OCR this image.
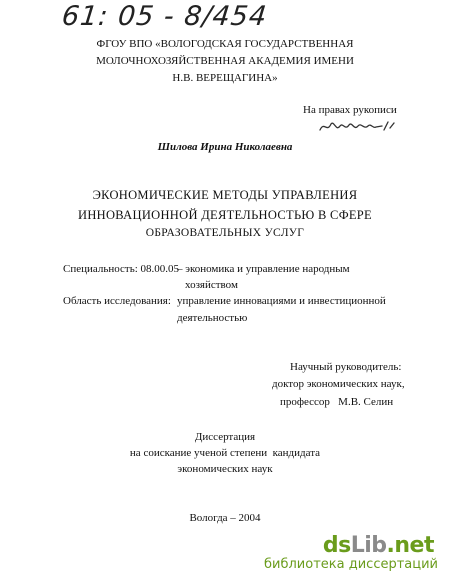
61: 05 - 8/454
ФГОУ ВПО «ВОЛОГОДСКАЯ ГОСУДАРСТВЕННАЯ
МОЛОЧНОХОЗЯЙСТВЕННАЯ АКАДЕМИЯ ИМЕНИ
Н.В. ВЕРЕЩАГИНА»
На правах рукописи
Шилова Ирина Николаевна
ЭКОНОМИЧЕСКИЕ МЕТОДЫ УПРАВЛЕНИЯ
ИННОВАЦИОННОЙ ДЕЯТЕЛЬНОСТЬЮ В СФЕРЕ
ОБРАЗОВАТЕЛЬНЫХ УСЛУГ
Специальность: 08.00.05
– экономика и управление народным
хозяйством
Область исследования: управление инновациями и инвестиционной
деятельностью
Научный руководитель:
доктор экономических наук,
профессор   М.В. Селин
Диссертация
на соискание ученой степени  кандидата
экономических наук
Вологда – 2004
dsLib.net
библиотека диссертаций
